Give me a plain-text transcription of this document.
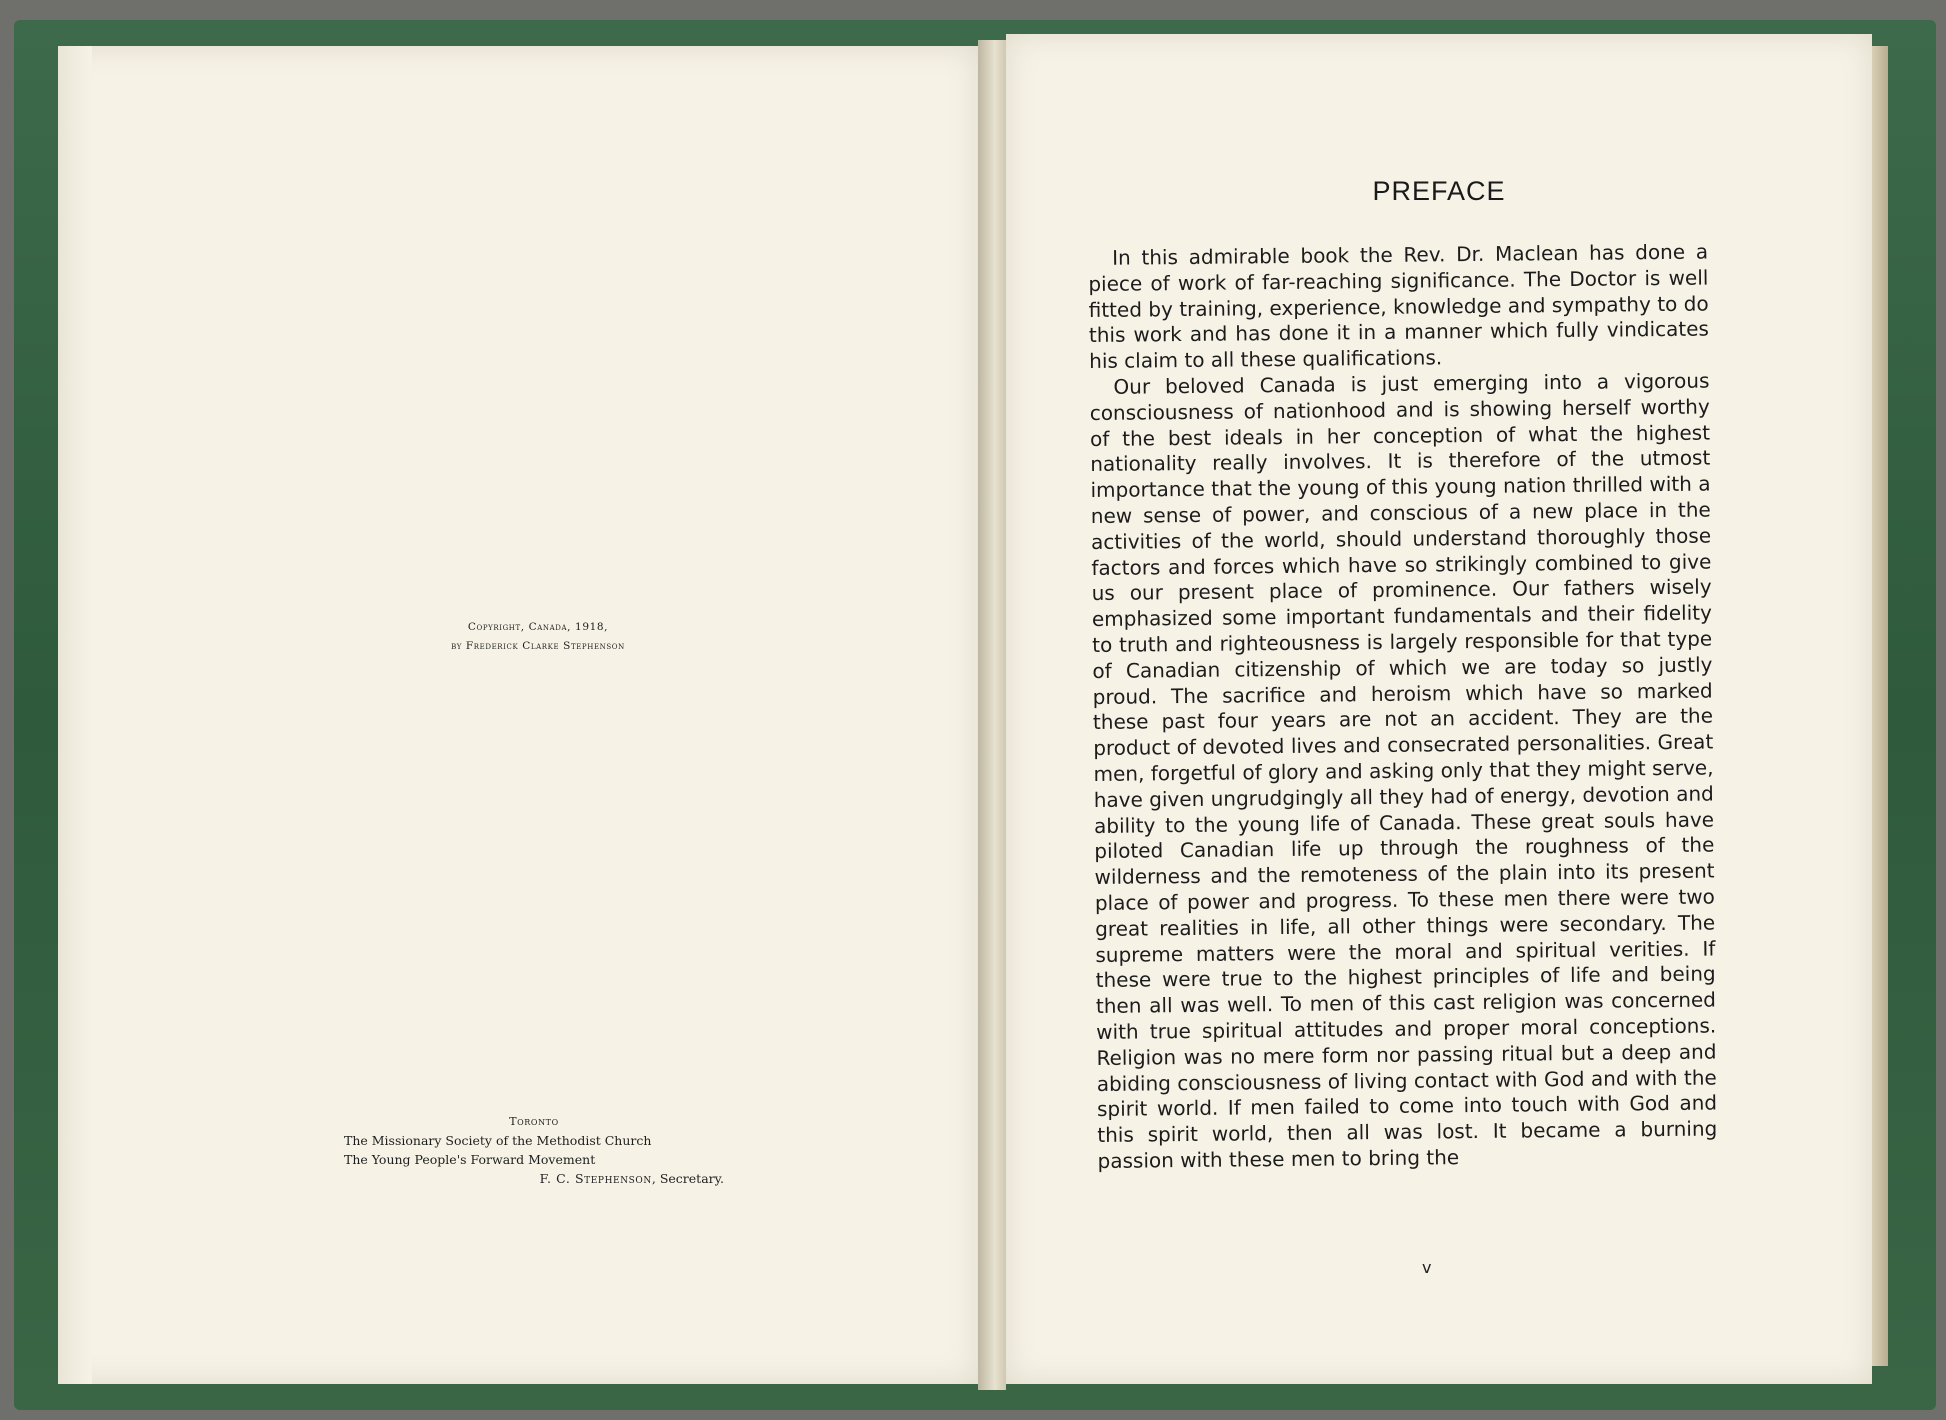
Copyright, Canada, 1918,
by Frederick Clarke Stephenson
Toronto
The Missionary Society of the Methodist Church
The Young People's Forward Movement
F. C. Stephenson, Secretary.
PREFACE

In this admirable book the Rev. Dr. Maclean has done a piece of work of far-reaching significance. The Doctor is well fitted by training, experience, knowledge and sympathy to do this work and has done it in a manner which fully vindicates his claim to all these qualifications.

Our beloved Canada is just emerging into a vigorous consciousness of nationhood and is showing herself worthy of the best ideals in her conception of what the highest nationality really involves. It is therefore of the utmost importance that the young of this young nation thrilled with a new sense of power, and conscious of a new place in the activities of the world, should understand thoroughly those factors and forces which have so strikingly combined to give us our present place of prominence. Our fathers wisely emphasized some important fundamentals and their fidelity to truth and righteousness is largely responsible for that type of Canadian citizenship of which we are today so justly proud. The sacrifice and heroism which have so marked these past four years are not an accident. They are the product of devoted lives and consecrated personalities. Great men, forgetful of glory and asking only that they might serve, have given ungrudgingly all they had of energy, devotion and ability to the young life of Canada. These great souls have piloted Canadian life up through the roughness of the wilderness and the remoteness of the plain into its present place of power and progress. To these men there were two great realities in life, all other things were secondary. The supreme matters were the moral and spiritual verities. If these were true to the highest principles of life and being then all was well. To men of this cast religion was concerned with true spiritual attitudes and proper moral conceptions. Religion was no mere form nor passing ritual but a deep and abiding consciousness of living contact with God and with the spirit world. If men failed to come into touch with God and this spirit world, then all was lost. It became a burning passion with these men to bring the

v
